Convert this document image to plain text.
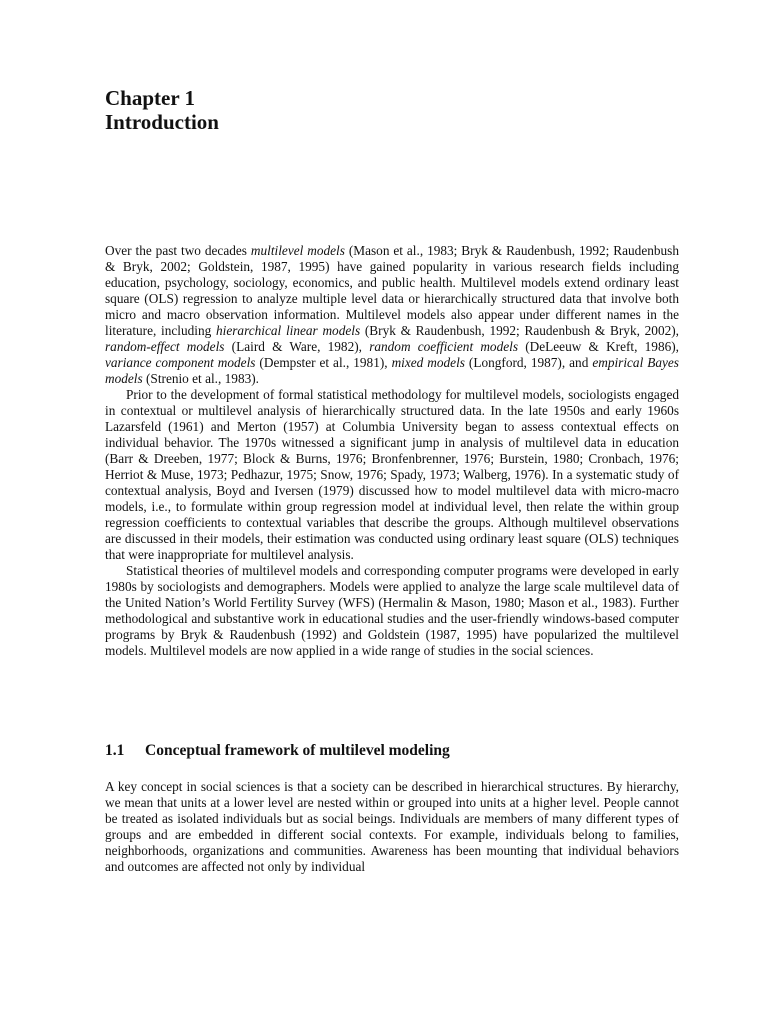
Chapter 1
Introduction

Over the past two decades multilevel models (Mason et al., 1983; Bryk & Raudenbush, 1992; Raudenbush & Bryk, 2002; Goldstein, 1987, 1995) have gained popularity in various research fields including education, psychology, sociology, economics, and public health. Multilevel models extend ordinary least square (OLS) regression to analyze multiple level data or hierarchically structured data that involve both micro and macro observation information. Multilevel models also appear under different names in the literature, including hierarchical linear models (Bryk & Raudenbush, 1992; Raudenbush & Bryk, 2002), random-effect models (Laird & Ware, 1982), random coefficient models (DeLeeuw & Kreft, 1986), variance component models (Dempster et al., 1981), mixed models (Longford, 1987), and empirical Bayes models (Strenio et al., 1983).

Prior to the development of formal statistical methodology for multilevel models, sociologists engaged in contextual or multilevel analysis of hierarchically structured data. In the late 1950s and early 1960s Lazarsfeld (1961) and Merton (1957) at Columbia University began to assess contextual effects on individual behavior. The 1970s witnessed a significant jump in analysis of multilevel data in education (Barr & Dreeben, 1977; Block & Burns, 1976; Bronfenbrenner, 1976; Burstein, 1980; Cronbach, 1976; Herriot & Muse, 1973; Pedhazur, 1975; Snow, 1976; Spady, 1973; Walberg, 1976). In a systematic study of contextual analysis, Boyd and Iversen (1979) discussed how to model multilevel data with micro-macro models, i.e., to formulate within group regression model at individual level, then relate the within group regression coefficients to contextual variables that describe the groups. Although multilevel observations are discussed in their models, their estimation was conducted using ordinary least square (OLS) techniques that were inappropriate for multilevel analysis.

Statistical theories of multilevel models and corresponding computer programs were developed in early 1980s by sociologists and demographers. Models were applied to analyze the large scale multilevel data of the United Nation’s World Fertility Survey (WFS) (Hermalin & Mason, 1980; Mason et al., 1983). Further methodological and substantive work in educational studies and the user-friendly windows-based computer programs by Bryk & Raudenbush (1992) and Goldstein (1987, 1995) have popularized the multilevel models. Multilevel models are now applied in a wide range of studies in the social sciences.

1.1 Conceptual framework of multilevel modeling

A key concept in social sciences is that a society can be described in hierarchical structures. By hierarchy, we mean that units at a lower level are nested within or grouped into units at a higher level. People cannot be treated as isolated individuals but as social beings. Individuals are members of many different types of groups and are embedded in different social contexts. For example, individuals belong to families, neighborhoods, organizations and communities. Awareness has been mounting that individual behaviors and outcomes are affected not only by individual
